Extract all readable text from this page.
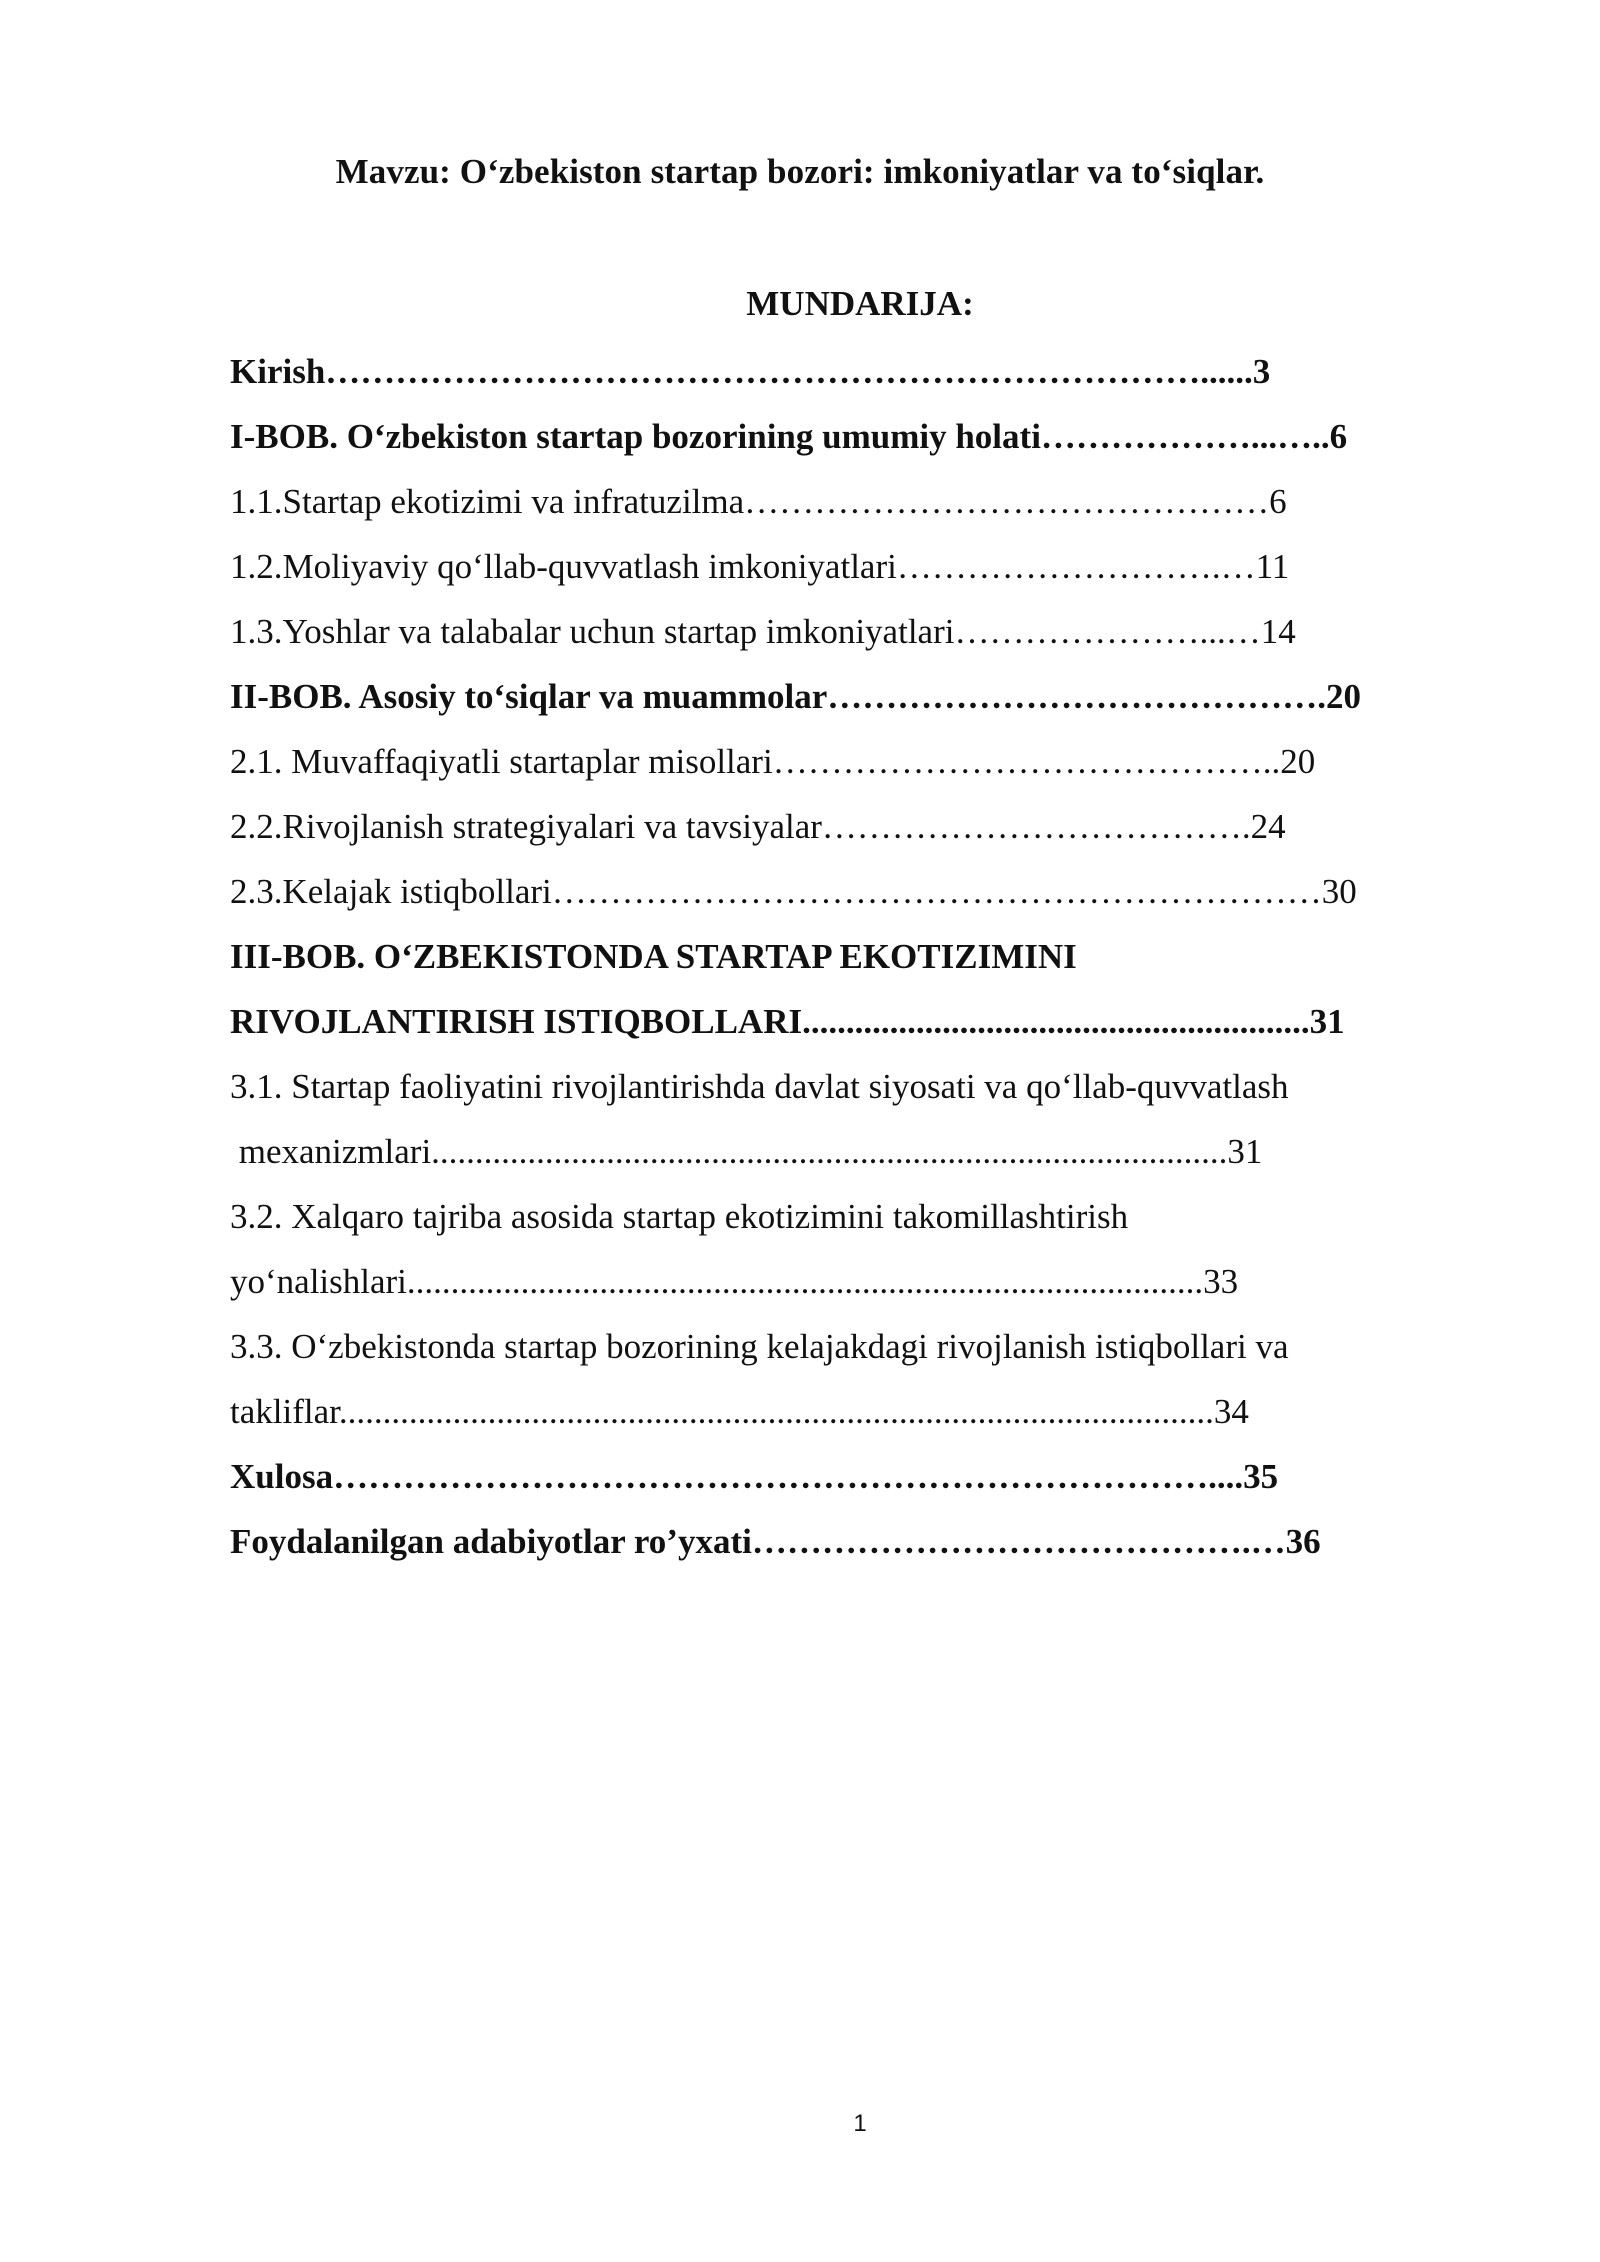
Mavzu: O‘zbekiston startap bozori: imkoniyatlar va to‘siqlar.
MUNDARIJA:
Kirish…………………………………………………………………......3
I-BOB. O‘zbekiston startap bozorining umumiy holati………………...…..6
1.1.Startap ekotizimi va infratuzilma………………………………………6
1.2.Moliyaviy qo‘llab-quvvatlash imkoniyatlari……………………….…11
1.3.Yoshlar va talabalar uchun startap imkoniyatlari…………………...…14
II-BOB. Asosiy to‘siqlar va muammolar…………………………………….20
2.1. Muvaffaqiyatli startaplar misollari……………………………………..20
2.2.Rivojlanish strategiyalari va tavsiyalar……………………………….24
2.3.Kelajak istiqbollari…………………………………………………………30
III-BOB. O‘ZBEKISTONDA STARTAP EKOTIZIMINI
RIVOJLANTIRISH ISTIQBOLLARI..........................................................31
3.1. Startap faoliyatini rivojlantirishda davlat siyosati va qo‘llab-quvvatlash
mexanizmlari...........................................................................................31
3.2. Xalqaro tajriba asosida startap ekotizimini takomillashtirish
yo‘nalishlari...........................................................................................33
3.3. O‘zbekistonda startap bozorining kelajakdagi rivojlanish istiqbollari va
takliflar....................................................................................................34
Xulosa…………………………………………………………………....35
Foydalanilgan adabiyotlar ro’yxati…………………………………….…36
1
